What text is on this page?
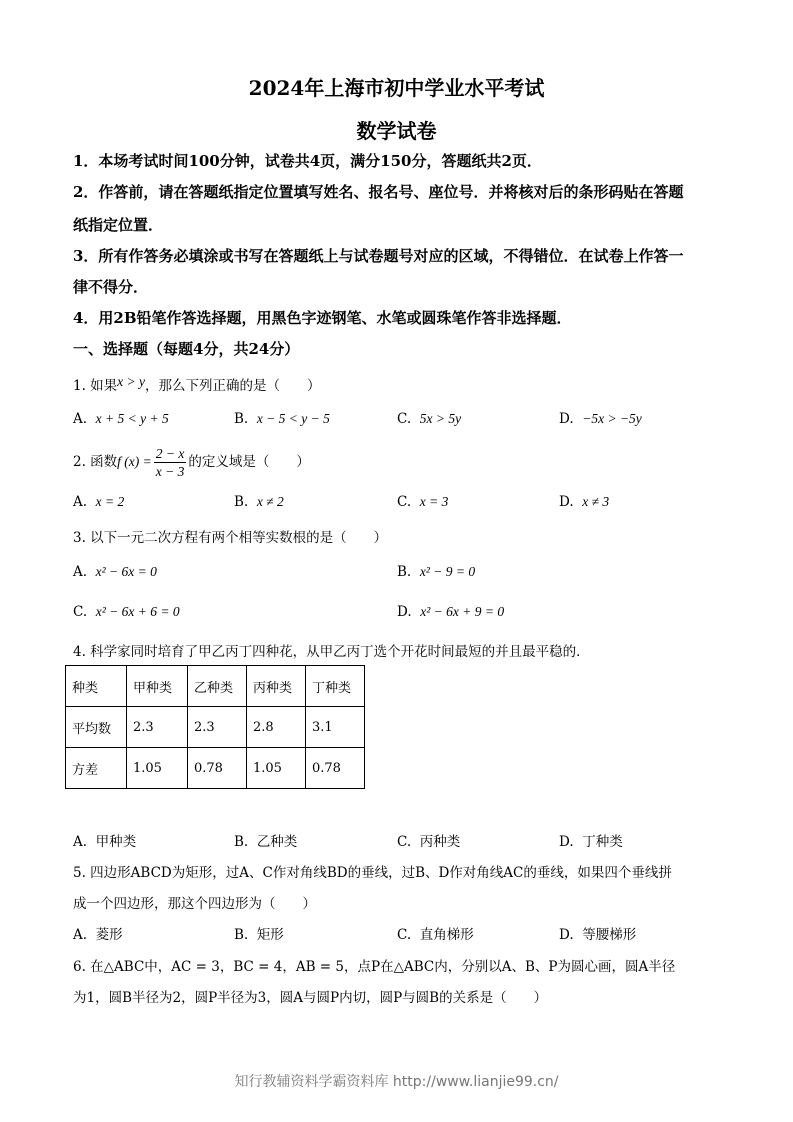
2024年上海市初中学业水平考试
数学试卷
1．本场考试时间100分钟，试卷共4页，满分150分，答题纸共2页．
2．作答前，请在答题纸指定位置填写姓名、报名号、座位号．并将核对后的条形码贴在答题
纸指定位置．
3．所有作答务必填涂或书写在答题纸上与试卷题号对应的区域，不得错位．在试卷上作答一
律不得分．
4．用2B铅笔作答选择题，用黑色字迹钢笔、水笔或圆珠笔作答非选择题．
一、选择题（每题4分，共24分）
1. 如果x > y，那么下列正确的是（　　）
A. x + 5 < y + 5	B. x − 5 < y − 5	C. 5x > 5y	D. −5x > −5y
2. 函数f $(x) = \frac{2 - x}{x - 3}$ 的定义域是（　　）
A. x = 2	B. x ≠ 2	C. x = 3	D. x ≠ 3
3. 以下一元二次方程有两个相等实数根的是（　　）
A. x² − 6x = 0	B. x² − 9 = 0
C. x² − 6x + 6 = 0	D. x² − 6x + 9 = 0
4. 科学家同时培育了甲乙丙丁四种花，从甲乙丙丁选个开花时间最短的并且最平稳的．
种类	甲种类	乙种类	丙种类	丁种类
平均数	2.3	2.3	2.8	3.1
方差	1.05	0.78	1.05	0.78
A. 甲种类	B. 乙种类	C. 丙种类	D. 丁种类
5. 四边形ABCD为矩形，过A、C作对角线BD的垂线，过B、D作对角线AC的垂线，如果四个垂线拼
成一个四边形，那这个四边形为（　　）
A. 菱形	B. 矩形	C. 直角梯形	D. 等腰梯形
6. 在△ABC中，AC = 3，BC = 4，AB = 5，点P在△ABC内，分别以A、B、P为圆心画，圆A半径
为1，圆B半径为2，圆P半径为3，圆A与圆P内切，圆P与圆B的关系是（　　）
知行教辅资料学霸资料库 http://www.lianjie99.cn/
